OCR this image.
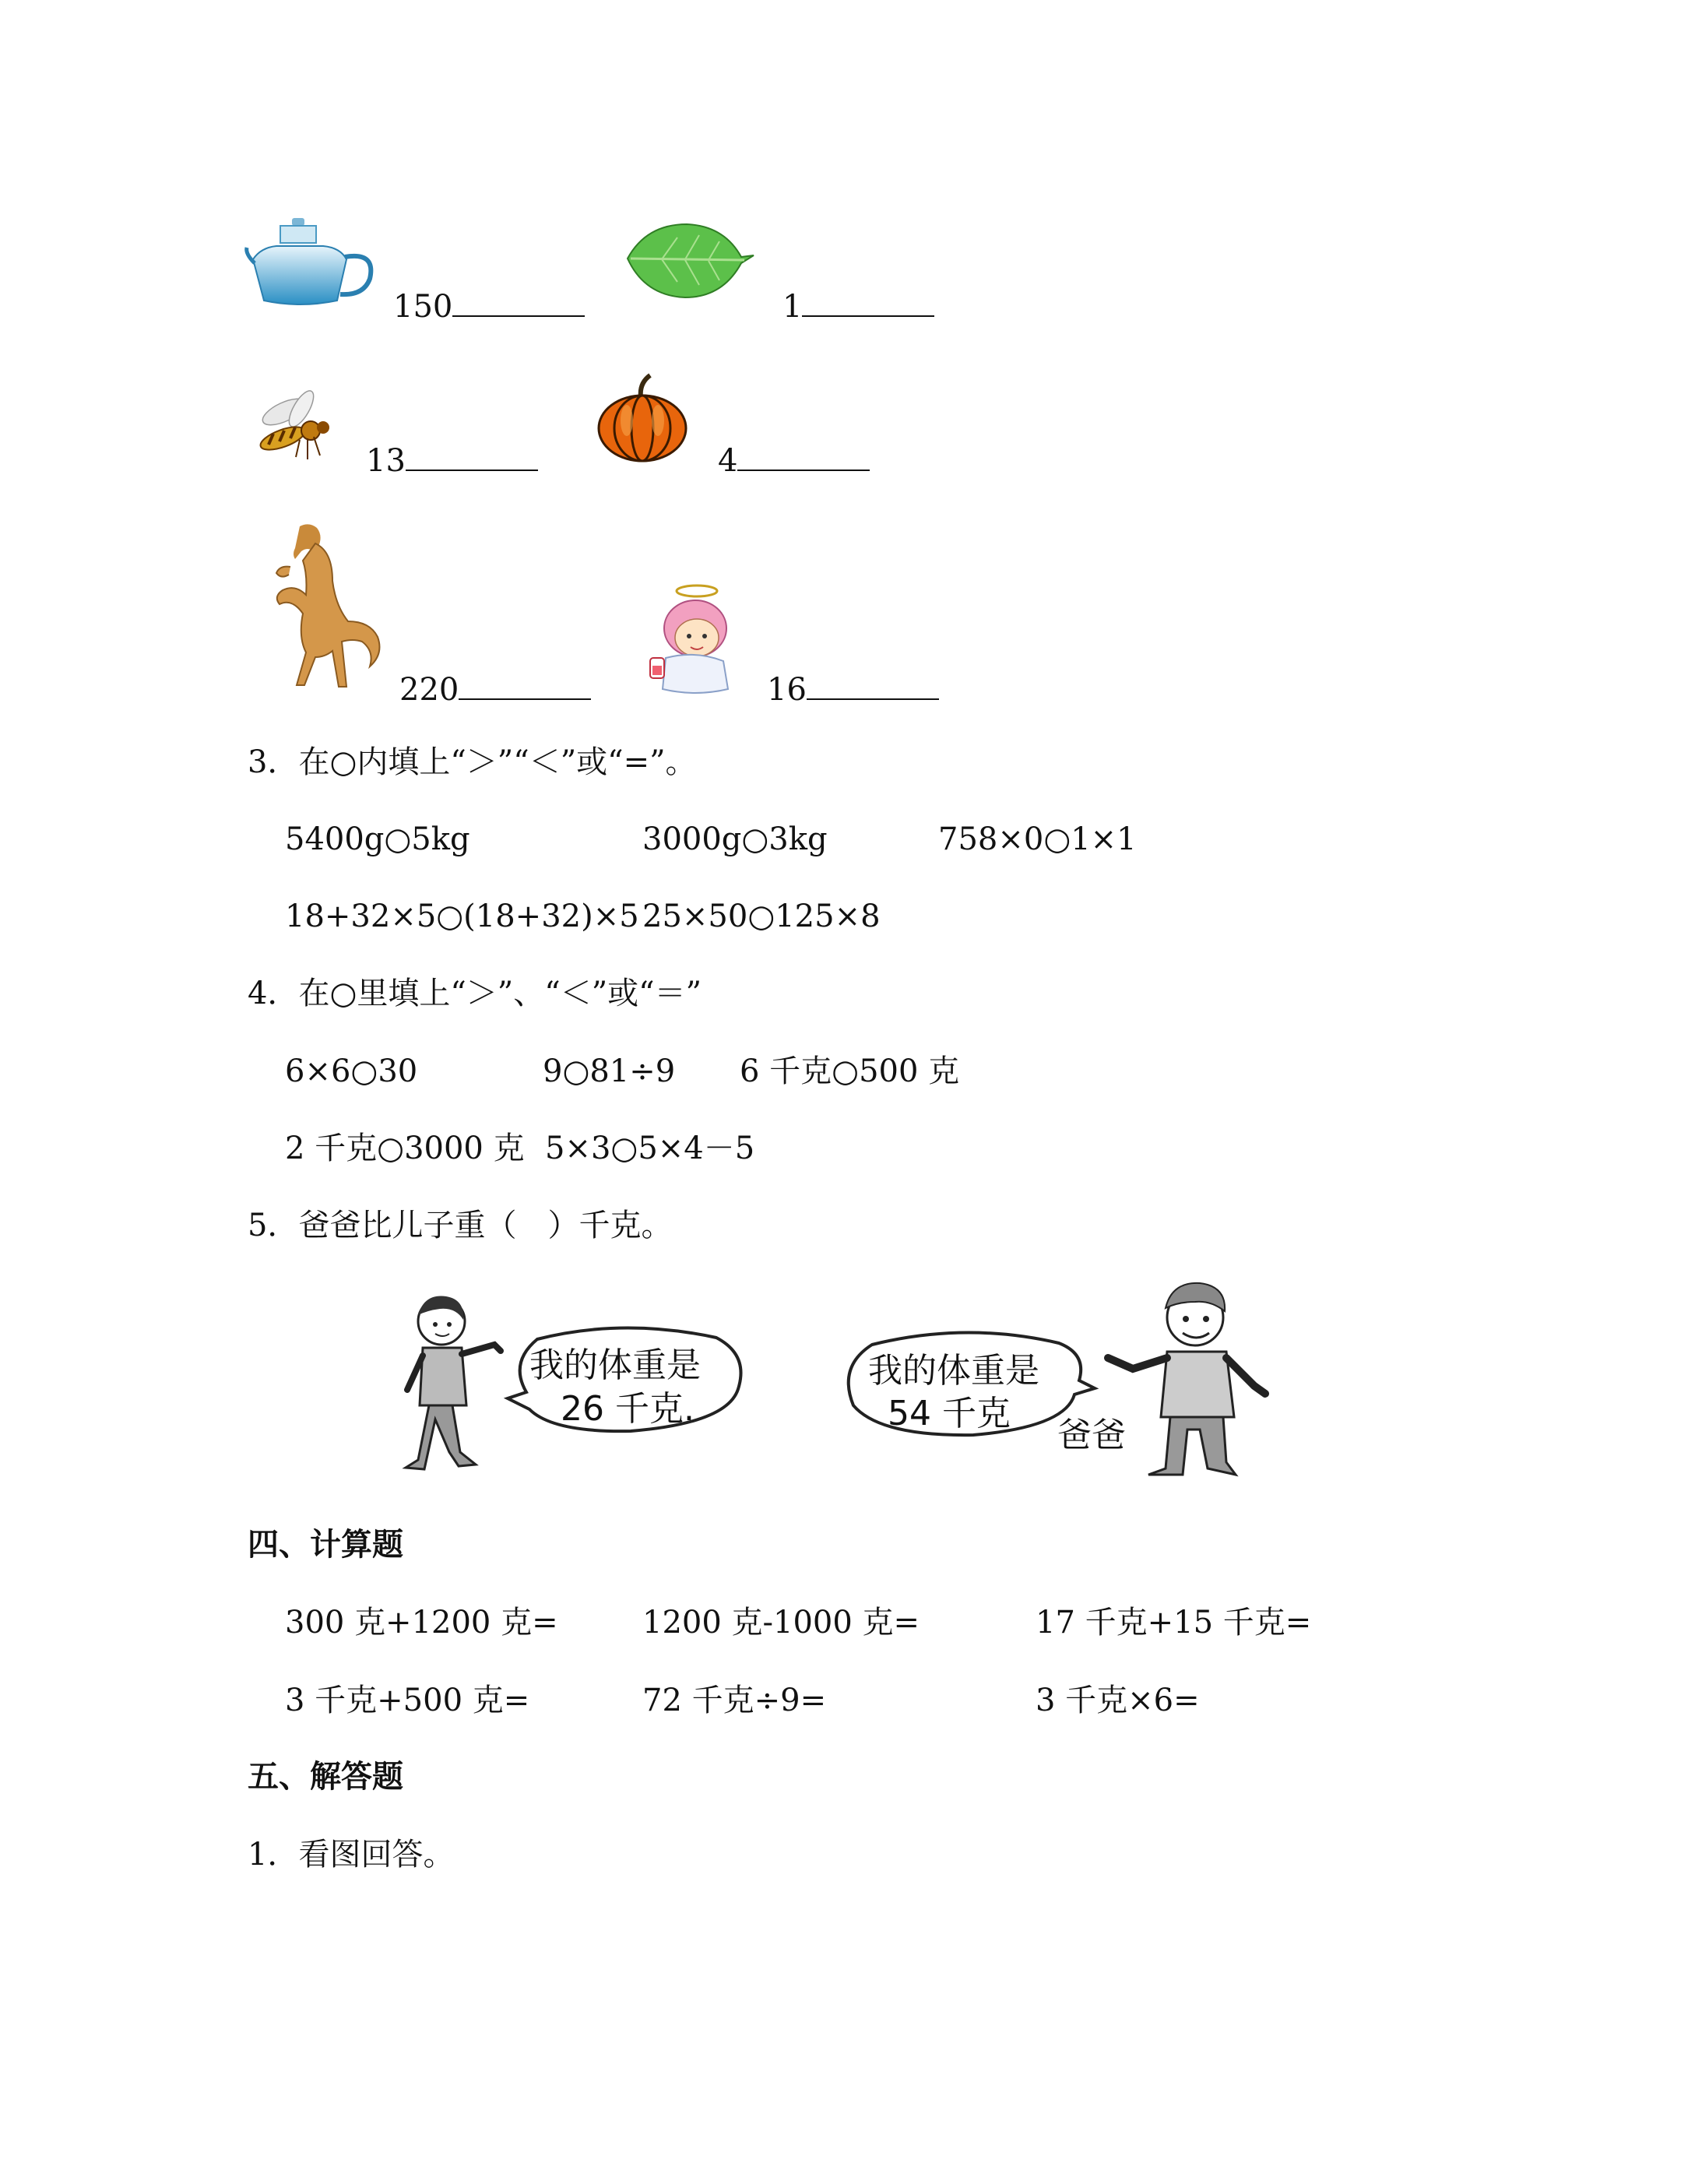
150	1
13	4
220	16
3．在○内填上“＞”“＜”或“=”。
5400g○5kg	3000g○3kg	758×0○1×1
18+32×5○(18+32)×5 25×50○125×8
4．在○里填上“＞”、“＜”或“＝”
6×6○30	9○81÷9 6 千克○500 克
2 千克○3000 克 5×3○5×4－5
5．爸爸比儿子重（　）千克。
我的体重是
26 千克.
我的体重是
54 千克
爸爸
四、计算题
300 克+1200 克=	1200 克-1000 克=	17 千克+15 千克=
3 千克+500 克=	72 千克÷9=	3 千克×6=
五、解答题
1．看图回答。
